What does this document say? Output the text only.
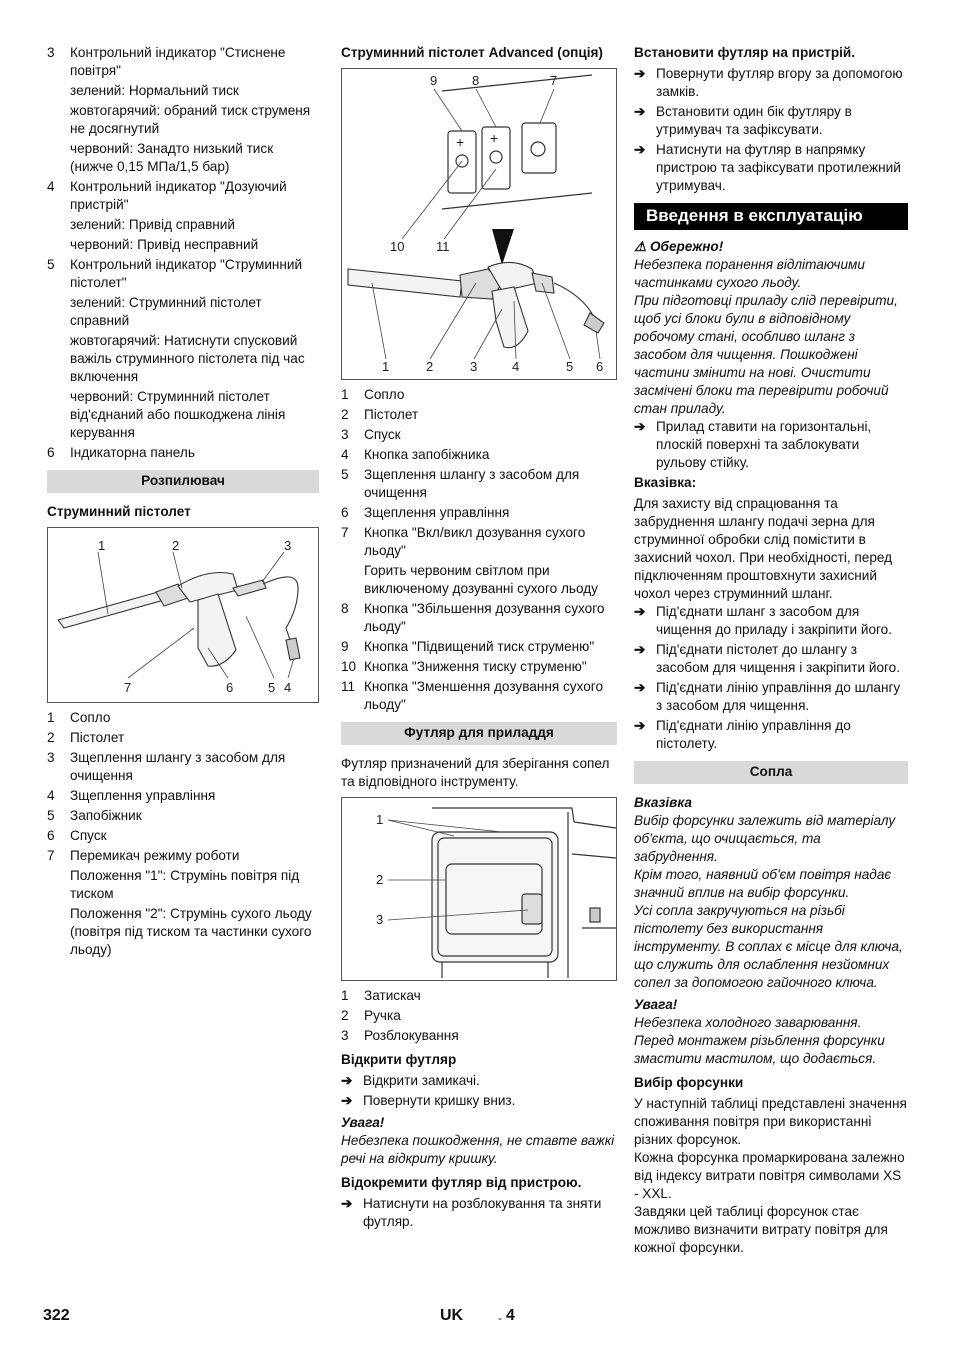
3	Контрольний індикатор "Стиснене повітря"
зелений: Нормальний тиск
жовтогарячий: обраний тиск струменя не досягнутий
червоний: Занадто низький тиск (нижче 0,15 МПа/1,5 бар)
4	Контрольний індикатор "Дозуючий пристрій"
зелений: Привід справний
червоний: Привід несправний
5	Контрольний індикатор "Струминний пістолет"
зелений: Струминний пістолет справний
жовтогарячий: Натиснути спусковий важіль струминного пістолета під час включення
червоний: Струминний пістолет від'єднаний або пошкоджена лінія керування
6	Індикаторна панель
Розпилювач
Струминний пістолет
1	2	3
7	6	5 4
1	Сопло
2	Пістолет
3	Зщеплення шлангу з засобом для очищення
4	Зщеплення управління
5	Запобіжник
6	Спуск
7	Перемикач режиму роботи
Положення "1": Струмінь повітря під тиском
Положення "2": Струмінь сухого льоду (повітря під тиском та частинки сухого льоду)
Струминний пістолет Advanced (опція)
+ +
9	8	7
10 11
1	2	3	4	5 6
1	Сопло
2	Пістолет
3	Спуск
4	Кнопка запобіжника
5	Зщеплення шлангу з засобом для очищення
6	Зщеплення управління
7	Кнопка "Вкл/викл дозування сухого льоду"
Горить червоним світлом при виключеному дозуванні сухого льоду
8	Кнопка "Збільшення дозування сухого льоду"
9	Кнопка "Підвищений тиск струменю"
10 Кнопка "Зниження тиску струменю"
11 Кнопка "Зменшення дозування сухого льоду"
Футляр для приладдя
Футляр призначений для зберігання сопел та відповідного інструменту.
1
2
3
1	Затискач
2	Ручка
3	Розблокування
Відкрити футляр
➔ Відкрити замикачі.
➔ Повернути кришку вниз.
Увага!
Небезпека пошкодження, не ставте важкі речі на відкриту кришку.
Відокремити футляр від пристрою.
➔ Натиснути на розблокування та зняти футляр.
Встановити футляр на пристрій.
➔ Повернути футляр вгору за допомогою замків.
➔ Встановити один бік футляру в утримувач та зафіксувати.
➔ Натиснути на футляр в напрямку пристрою та зафіксувати протилежний утримувач.
Введення в експлуатацію
⚠ Обережно!
Небезпека поранення відлітаючими частинками сухого льоду.
При підготовці приладу слід перевірити, щоб усі блоки були в відповідному робочому стані, особливо шланг з засобом для чищення. Пошкоджені частини змінити на нові. Очистити засмічені блоки та перевірити робочий стан приладу.
➔ Прилад ставити на горизонтальні, плоскій поверхні та заблокувати рульову стійку.
Вказівка:
Для захисту від спрацювання та забруднення шлангу подачі зерна для струминної обробки слід помістити в захисний чохол. При необхідності, перед підключенням проштовхнути захисний чохол через струминний шланг.
➔ Під'єднати шланг з засобом для чищення до приладу і закріпити його.
➔ Під'єднати пістолет до шлангу з засобом для чищення і закріпити його.
➔ Під'єднати лінію управління до шлангу з засобом для чищення.
➔ Під'єднати лінію управління до пістолету.
Сопла
Вказівка
Вибір форсунки залежить від матеріалу об'єкта, що очищається, та забруднення.
Крім того, наявний об'єм повітря надає значний вплив на вибір форсунки.
Усі сопла закручуються на різьбі пістолету без використання інструменту. В соплах є місце для ключа, що служить для ослаблення незйомних сопел за допомогою гайочного ключа.
Увага!
Небезпека холодного заварювання.
Перед монтажем різьблення форсунки змастити мастилом, що додається.
Вибір форсунки
У наступній таблиці представлені значення споживання повітря при використанні різних форсунок.
Кожна форсунка промаркирована залежно від індексу витрати повітря символами XS - XXL.
Завдяки цей таблиці форсунок стає можливо визначити витрату повітря для кожної форсунки.
322	UK	- 4
